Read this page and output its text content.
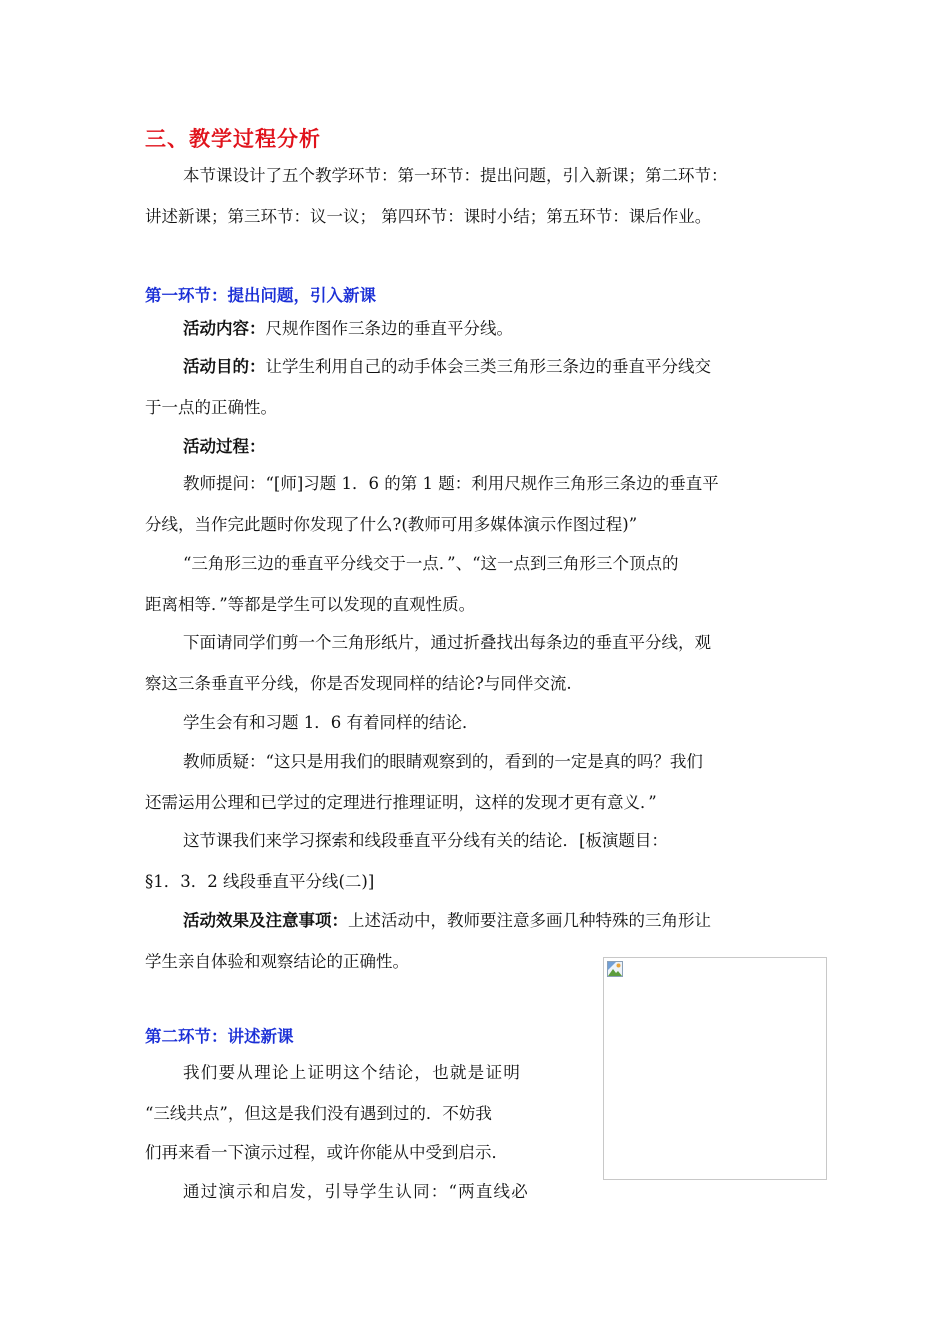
三、教学过程分析
本节课设计了五个教学环节：第一环节：提出问题，引入新课；第二环节：
讲述新课；第三环节：议一议； 第四环节：课时小结；第五环节：课后作业。
第一环节：提出问题，引入新课
活动内容：尺规作图作三条边的垂直平分线。
活动目的：让学生利用自己的动手体会三类三角形三条边的垂直平分线交
于一点的正确性。
活动过程：
教师提问：“[师]习题 1．6 的第 1 题：利用尺规作三角形三条边的垂直平
分线，当作完此题时你发现了什么?(教师可用多媒体演示作图过程)”
“三角形三边的垂直平分线交于一点．”、“这一点到三角形三个顶点的
距离相等．”等都是学生可以发现的直观性质。
下面请同学们剪一个三角形纸片，通过折叠找出每条边的垂直平分线，观
察这三条垂直平分线，你是否发现同样的结论?与同伴交流.
学生会有和习题 1．6 有着同样的结论．
教师质疑：“这只是用我们的眼睛观察到的，看到的一定是真的吗？我们
还需运用公理和已学过的定理进行推理证明，这样的发现才更有意义．”
这节课我们来学习探索和线段垂直平分线有关的结论．[板演题目：
§1．3．2 线段垂直平分线(二)]
活动效果及注意事项：上述活动中，教师要注意多画几种特殊的三角形让
学生亲自体验和观察结论的正确性。
第二环节：讲述新课
我们要从理论上证明这个结论，也就是证明
“三线共点”，但这是我们没有遇到过的．不妨我
们再来看一下演示过程，或许你能从中受到启示．
通过演示和启发，引导学生认同：“两直线必
